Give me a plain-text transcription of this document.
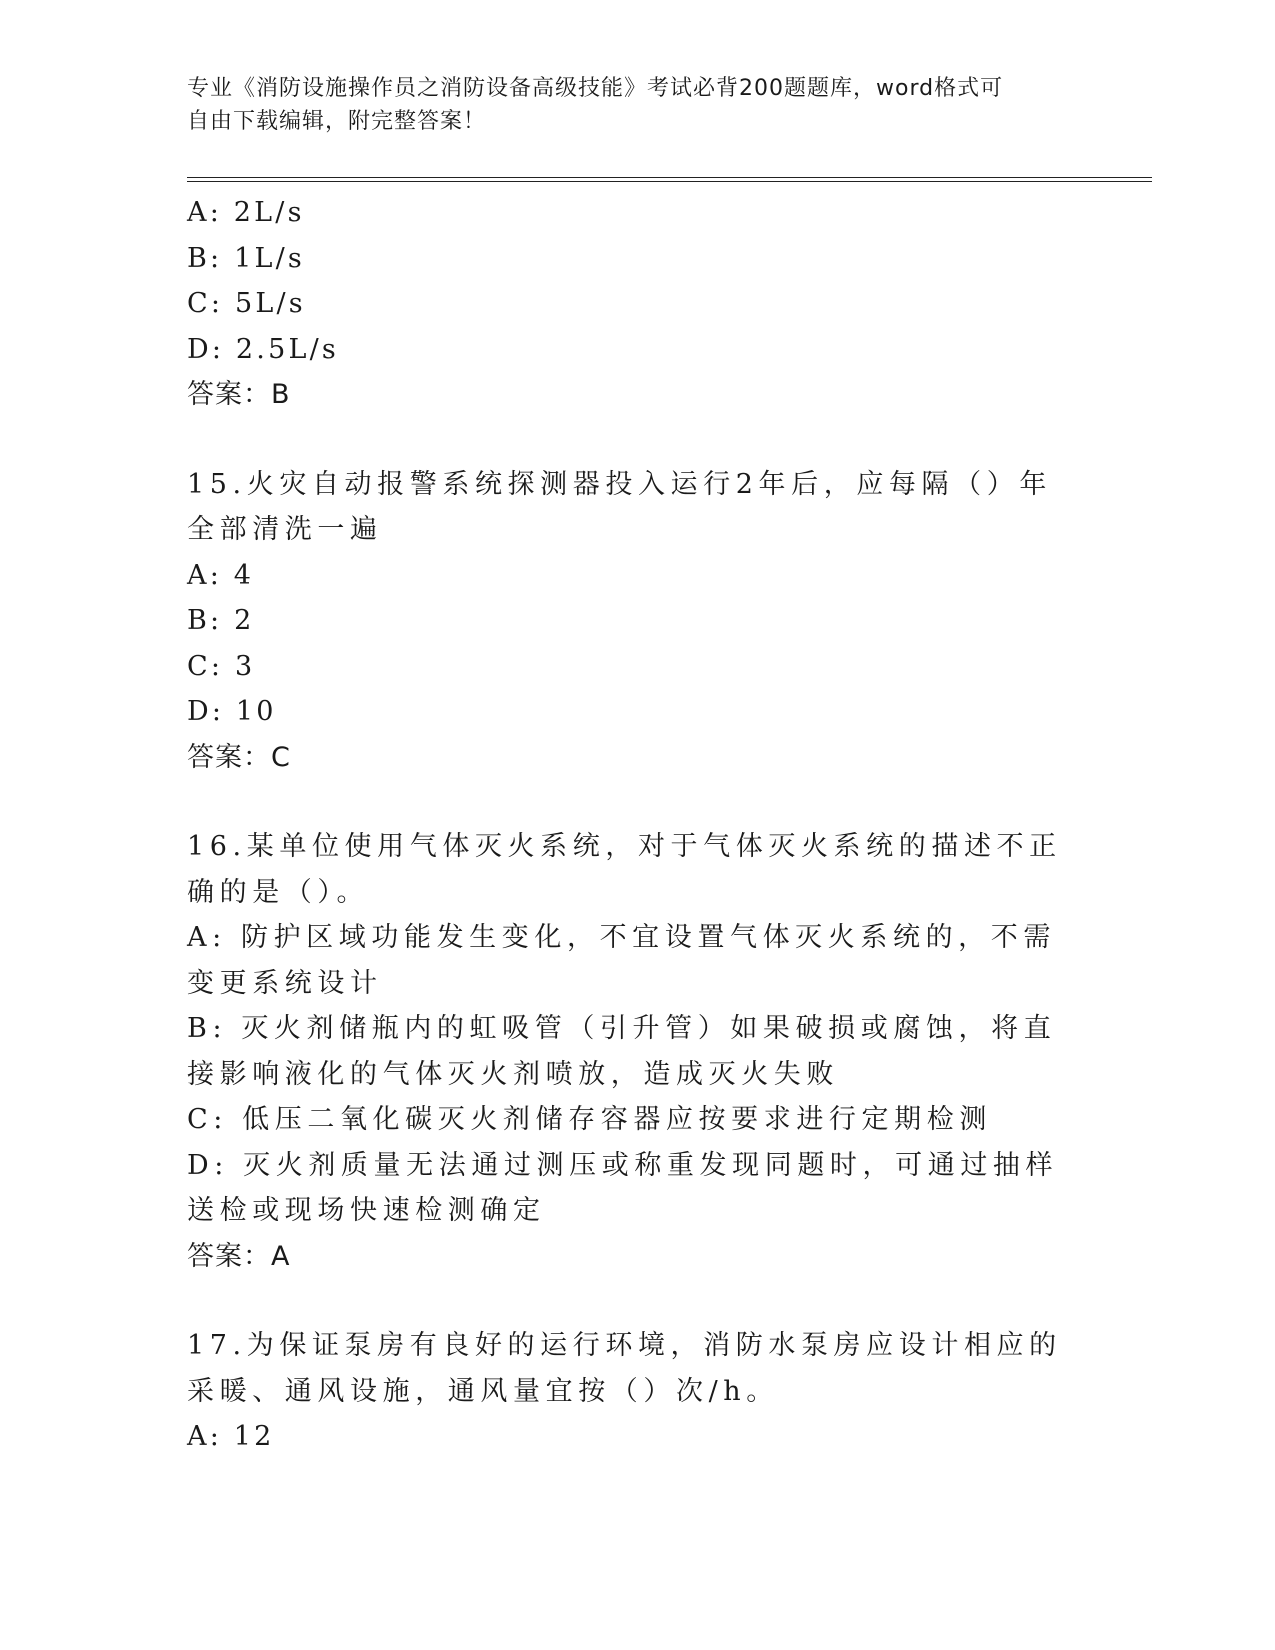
专业《消防设施操作员之消防设备高级技能》考试必背200题题库，word格式可
自由下载编辑，附完整答案！
A: 2L/s
B: 1L/s
C: 5L/s
D: 2.5L/s
答案：B
15.火灾自动报警系统探测器投入运行2年后，应每隔（）年全部清洗一遍
A: 4
B: 2
C: 3
D: 10
答案：C
16.某单位使用气体灭火系统，对于气体灭火系统的描述不正确的是（）。
A: 防护区域功能发生变化，不宜设置气体灭火系统的，不需变更系统设计
B: 灭火剂储瓶内的虹吸管（引升管）如果破损或腐蚀，将直接影响液化的气体灭火剂喷放，造成灭火失败
C: 低压二氧化碳灭火剂储存容器应按要求进行定期检测
D: 灭火剂质量无法通过测压或称重发现同题时，可通过抽样送检或现场快速检测确定
答案：A
17.为保证泵房有良好的运行环境，消防水泵房应设计相应的采暖、通风设施，通风量宜按（）次/h。
A: 12
